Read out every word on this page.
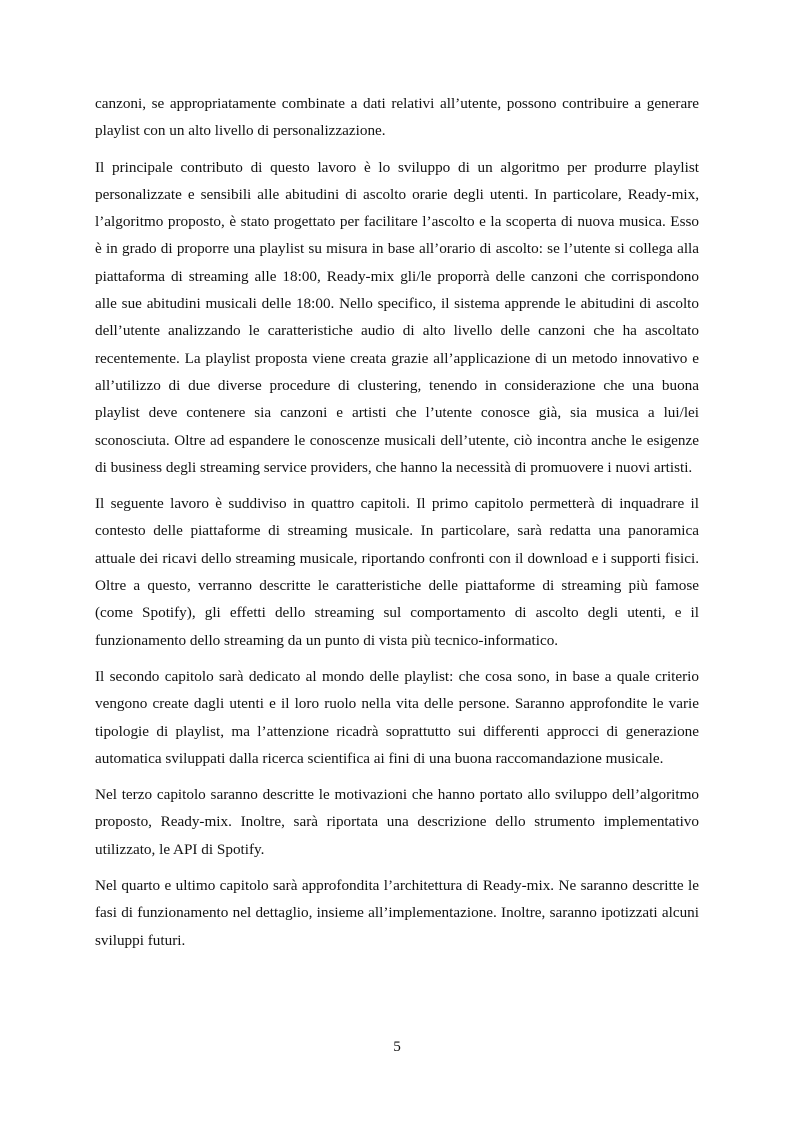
canzoni, se appropriatamente combinate a dati relativi all’utente, possono contribuire a generare playlist con un alto livello di personalizzazione.

Il principale contributo di questo lavoro è lo sviluppo di un algoritmo per produrre playlist personalizzate e sensibili alle abitudini di ascolto orarie degli utenti. In particolare, Ready-mix, l’algoritmo proposto, è stato progettato per facilitare l’ascolto e la scoperta di nuova musica. Esso è in grado di proporre una playlist su misura in base all’orario di ascolto: se l’utente si collega alla piattaforma di streaming alle 18:00, Ready-mix gli/le proporrà delle canzoni che corrispondono alle sue abitudini musicali delle 18:00. Nello specifico, il sistema apprende le abitudini di ascolto dell’utente analizzando le caratteristiche audio di alto livello delle canzoni che ha ascoltato recentemente. La playlist proposta viene creata grazie all’applicazione di un metodo innovativo e all’utilizzo di due diverse procedure di clustering, tenendo in considerazione che una buona playlist deve contenere sia canzoni e artisti che l’utente conosce già, sia musica a lui/lei sconosciuta. Oltre ad espandere le conoscenze musicali dell’utente, ciò incontra anche le esigenze di business degli streaming service providers, che hanno la necessità di promuovere i nuovi artisti.

Il seguente lavoro è suddiviso in quattro capitoli. Il primo capitolo permetterà di inquadrare il contesto delle piattaforme di streaming musicale. In particolare, sarà redatta una panoramica attuale dei ricavi dello streaming musicale, riportando confronti con il download e i supporti fisici. Oltre a questo, verranno descritte le caratteristiche delle piattaforme di streaming più famose (come Spotify), gli effetti dello streaming sul comportamento di ascolto degli utenti, e il funzionamento dello streaming da un punto di vista più tecnico-informatico.

Il secondo capitolo sarà dedicato al mondo delle playlist: che cosa sono, in base a quale criterio vengono create dagli utenti e il loro ruolo nella vita delle persone. Saranno approfondite le varie tipologie di playlist, ma l’attenzione ricadrà soprattutto sui differenti approcci di generazione automatica sviluppati dalla ricerca scientifica ai fini di una buona raccomandazione musicale.

Nel terzo capitolo saranno descritte le motivazioni che hanno portato allo sviluppo dell’algoritmo proposto, Ready-mix. Inoltre, sarà riportata una descrizione dello strumento implementativo utilizzato, le API di Spotify.

Nel quarto e ultimo capitolo sarà approfondita l’architettura di Ready-mix. Ne saranno descritte le fasi di funzionamento nel dettaglio, insieme all’implementazione. Inoltre, saranno ipotizzati alcuni sviluppi futuri.

5
